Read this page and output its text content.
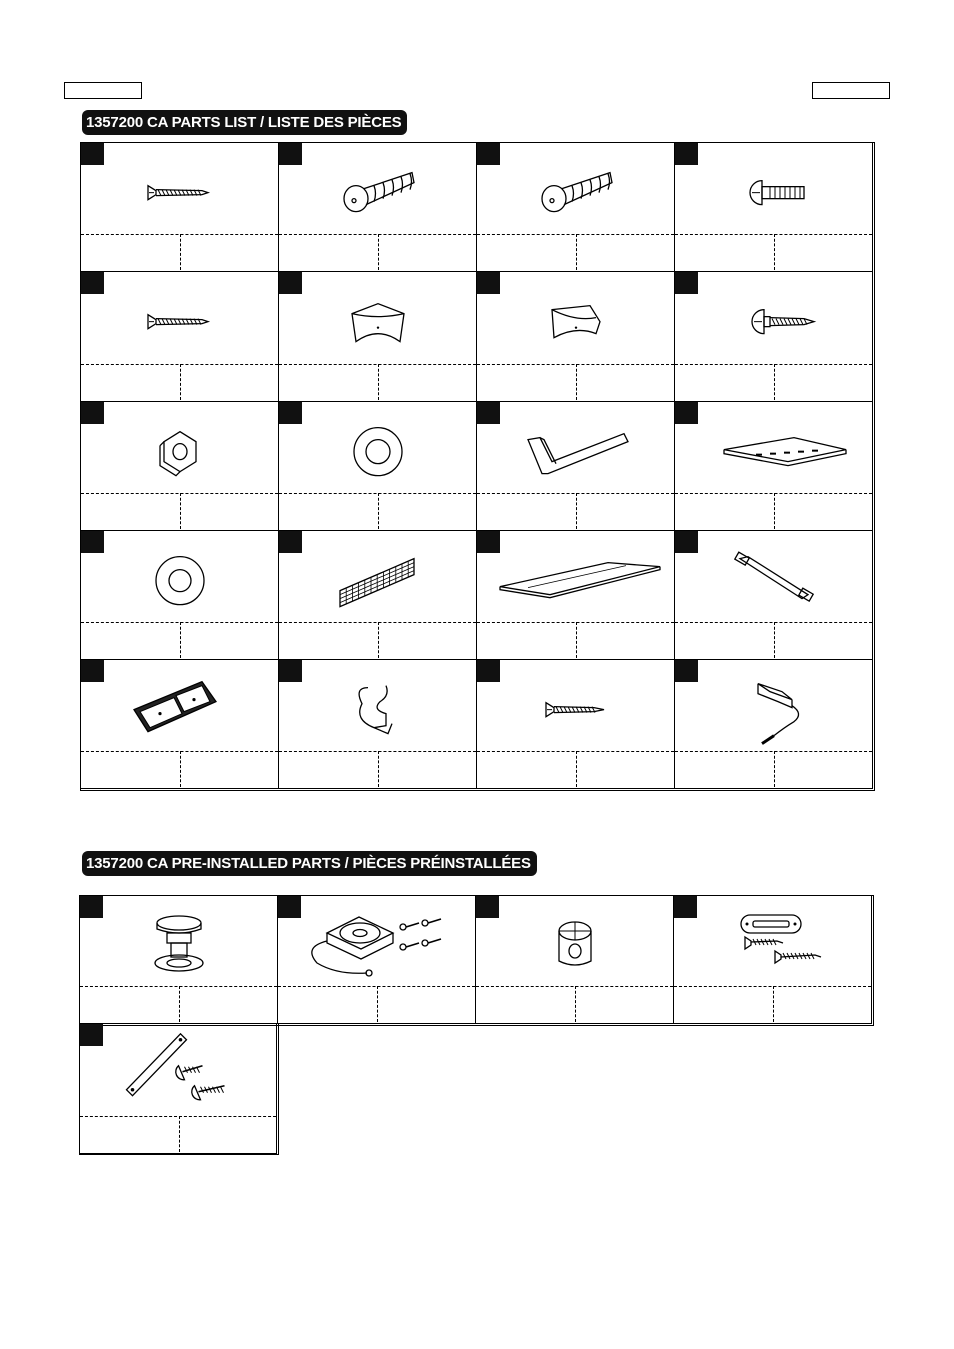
1357200 CA PARTS LIST / LISTE DES PIÈCES
1357200 CA PRE-INSTALLED PARTS / PIÈCES PRÉINSTALLÉES
